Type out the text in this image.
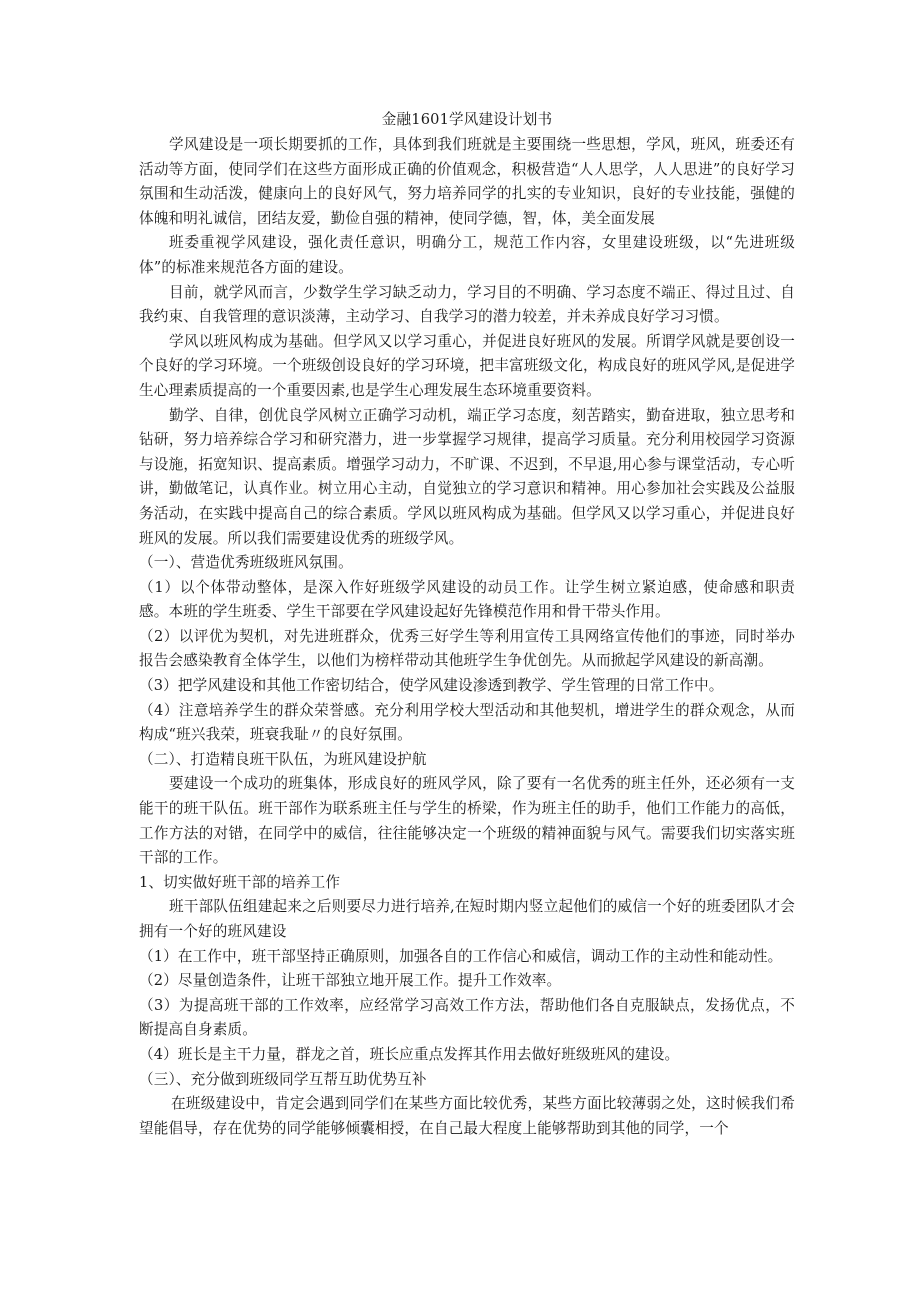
金融1601学风建设计划书

学风建设是一项长期要抓的工作，具体到我们班就是主要围绕一些思想，学风，班风，班委还有活动等方面，使同学们在这些方面形成正确的价值观念，积极营造“人人思学，人人思进”的良好学习氛围和生动活泼，健康向上的良好风气，努力培养同学的扎实的专业知识，良好的专业技能，强健的体魄和明礼诚信，团结友爱，勤俭自强的精神，使同学德，智，体，美全面发展

班委重视学风建设，强化责任意识，明确分工，规范工作内容，女里建设班级，以“先进班级体”的标准来规范各方面的建设。

目前，就学风而言，少数学生学习缺乏动力，学习目的不明确、学习态度不端正、得过且过、自我约束、自我管理的意识淡薄，主动学习、自我学习的潜力较差，并未养成良好学习习惯。

学风以班风构成为基础。但学风又以学习重心，并促进良好班风的发展。所谓学风就是要创设一个良好的学习环境。一个班级创设良好的学习环境，把丰富班级文化，构成良好的班风学风,是促进学生心理素质提高的一个重要因素,也是学生心理发展生态环境重要资料。

勤学、自律，创优良学风树立正确学习动机，端正学习态度，刻苦踏实，勤奋进取，独立思考和钻研，努力培养综合学习和研究潜力，进一步掌握学习规律，提高学习质量。充分利用校园学习资源与设施，拓宽知识、提高素质。增强学习动力，不旷课、不迟到，不早退,用心参与课堂活动，专心听讲，勤做笔记，认真作业。树立用心主动，自觉独立的学习意识和精神。用心参加社会实践及公益服务活动，在实践中提高自己的综合素质。学风以班风构成为基础。但学风又以学习重心，并促进良好班风的发展。所以我们需要建设优秀的班级学风。

（一）、营造优秀班级班风氛围。

（1）以个体带动整体，是深入作好班级学风建设的动员工作。让学生树立紧迫感，使命感和职责感。本班的学生班委、学生干部要在学风建设起好先锋模范作用和骨干带头作用。

（2）以评优为契机，对先进班群众，优秀三好学生等利用宣传工具网络宣传他们的事迹，同时举办报告会感染教育全体学生，以他们为榜样带动其他班学生争优创先。从而掀起学风建设的新高潮。

（3）把学风建设和其他工作密切结合，使学风建设渗透到教学、学生管理的日常工作中。

（4）注意培养学生的群众荣誉感。充分利用学校大型活动和其他契机，增进学生的群众观念，从而构成“班兴我荣，班衰我耻〃的良好氛围。

（二）、打造精良班干队伍，为班风建设护航

要建设一个成功的班集体，形成良好的班风学风，除了要有一名优秀的班主任外，还必须有一支能干的班干队伍。班干部作为联系班主任与学生的桥梁，作为班主任的助手，他们工作能力的高低，工作方法的对错，在同学中的威信，往往能够决定一个班级的精神面貌与风气。需要我们切实落实班干部的工作。

1、切实做好班干部的培养工作

班干部队伍组建起来之后则要尽力进行培养,在短时期内竖立起他们的威信一个好的班委团队才会拥有一个好的班风建设

（1）在工作中，班干部坚持正确原则，加强各自的工作信心和威信，调动工作的主动性和能动性。

（2）尽量创造条件，让班干部独立地开展工作。提升工作效率。

（3）为提高班干部的工作效率，应经常学习高效工作方法，帮助他们各自克服缺点，发扬优点，不断提高自身素质。

（4）班长是主干力量，群龙之首，班长应重点发挥其作用去做好班级班风的建设。

（三）、充分做到班级同学互帮互助优势互补

在班级建设中，肯定会遇到同学们在某些方面比较优秀，某些方面比较薄弱之处，这时候我们希望能倡导，存在优势的同学能够倾囊相授，在自己最大程度上能够帮助到其他的同学，一个
